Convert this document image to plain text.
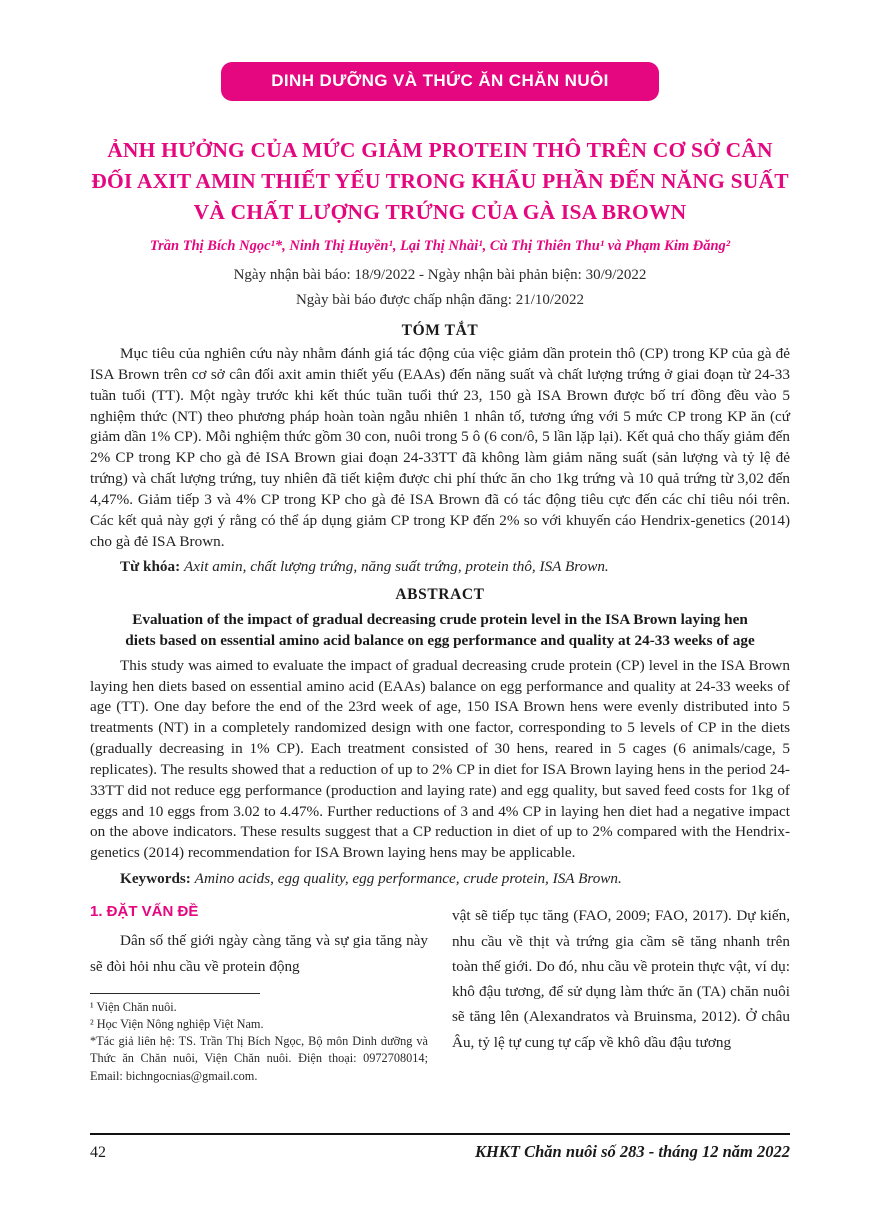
DINH DƯỠNG VÀ THỨC ĂN CHĂN NUÔI
ẢNH HƯỞNG CỦA MỨC GIẢM PROTEIN THÔ TRÊN CƠ SỞ CÂN ĐỐI AXIT AMIN THIẾT YẾU TRONG KHẨU PHẦN ĐẾN NĂNG SUẤT VÀ CHẤT LƯỢNG TRỨNG CỦA GÀ ISA BROWN
Trần Thị Bích Ngọc¹*, Ninh Thị Huyền¹, Lại Thị Nhài¹, Cù Thị Thiên Thu¹ và Phạm Kim Đăng²
Ngày nhận bài báo: 18/9/2022 - Ngày nhận bài phản biện: 30/9/2022
Ngày bài báo được chấp nhận đăng: 21/10/2022
TÓM TẮT

Mục tiêu của nghiên cứu này nhằm đánh giá tác động của việc giảm dần protein thô (CP) trong KP của gà đẻ ISA Brown trên cơ sở cân đối axit amin thiết yếu (EAAs) đến năng suất và chất lượng trứng ở giai đoạn từ 24-33 tuần tuổi (TT). Một ngày trước khi kết thúc tuần tuổi thứ 23, 150 gà ISA Brown được bố trí đồng đều vào 5 nghiệm thức (NT) theo phương pháp hoàn toàn ngẫu nhiên 1 nhân tố, tương ứng với 5 mức CP trong KP ăn (cứ giảm dần 1% CP). Mỗi nghiệm thức gồm 30 con, nuôi trong 5 ô (6 con/ô, 5 lần lặp lại). Kết quả cho thấy giảm đến 2% CP trong KP cho gà đẻ ISA Brown giai đoạn 24-33TT đã không làm giảm năng suất (sản lượng và tỷ lệ đẻ trứng) và chất lượng trứng, tuy nhiên đã tiết kiệm được chi phí thức ăn cho 1kg trứng và 10 quả trứng từ 3,02 đến 4,47%. Giảm tiếp 3 và 4% CP trong KP cho gà đẻ ISA Brown đã có tác động tiêu cực đến các chỉ tiêu nói trên. Các kết quả này gợi ý rằng có thể áp dụng giảm CP trong KP đến 2% so với khuyến cáo Hendrix-genetics (2014) cho gà đẻ ISA Brown.

Từ khóa: Axit amin, chất lượng trứng, năng suất trứng, protein thô, ISA Brown.

ABSTRACT
Evaluation of the impact of gradual decreasing crude protein level in the ISA Brown laying hen diets based on essential amino acid balance on egg performance and quality at 24-33 weeks of age

This study was aimed to evaluate the impact of gradual decreasing crude protein (CP) level in the ISA Brown laying hen diets based on essential amino acid (EAAs) balance on egg performance and quality at 24-33 weeks of age (TT). One day before the end of the 23rd week of age, 150 ISA Brown hens were evenly distributed into 5 treatments (NT) in a completely randomized design with one factor, corresponding to 5 levels of CP in the diets (gradually decreasing in 1% CP). Each treatment consisted of 30 hens, reared in 5 cages (6 animals/cage, 5 replicates). The results showed that a reduction of up to 2% CP in diet for ISA Brown laying hens in the period 24-33TT did not reduce egg performance (production and laying rate) and egg quality, but saved feed costs for 1kg of eggs and 10 eggs from 3.02 to 4.47%. Further reductions of 3 and 4% CP in laying hen diet had a negative impact on the above indicators. These results suggest that a CP reduction in diet of up to 2% compared with the Hendrix-genetics (2014) recommendation for ISA Brown laying hens may be applicable.

Keywords: Amino acids, egg quality, egg performance, crude protein, ISA Brown.

1. ĐẶT VẤN ĐỀ

Dân số thế giới ngày càng tăng và sự gia tăng này sẽ đòi hỏi nhu cầu về protein động

¹ Viện Chăn nuôi.
² Học Viện Nông nghiệp Việt Nam.
*Tác giả liên hệ: TS. Trần Thị Bích Ngọc, Bộ môn Dinh dưỡng và Thức ăn Chăn nuôi, Viện Chăn nuôi. Điện thoại: 0972708014; Email: bichngocnias@gmail.com.

vật sẽ tiếp tục tăng (FAO, 2009; FAO, 2017). Dự kiến, nhu cầu về thịt và trứng gia cầm sẽ tăng nhanh trên toàn thế giới. Do đó, nhu cầu về protein thực vật, ví dụ: khô đậu tương, để sử dụng làm thức ăn (TA) chăn nuôi sẽ tăng lên (Alexandratos và Bruinsma, 2012). Ở châu Âu, tỷ lệ tự cung tự cấp về khô dầu đậu tương

42	KHKT Chăn nuôi số 283 - tháng 12 năm 2022
